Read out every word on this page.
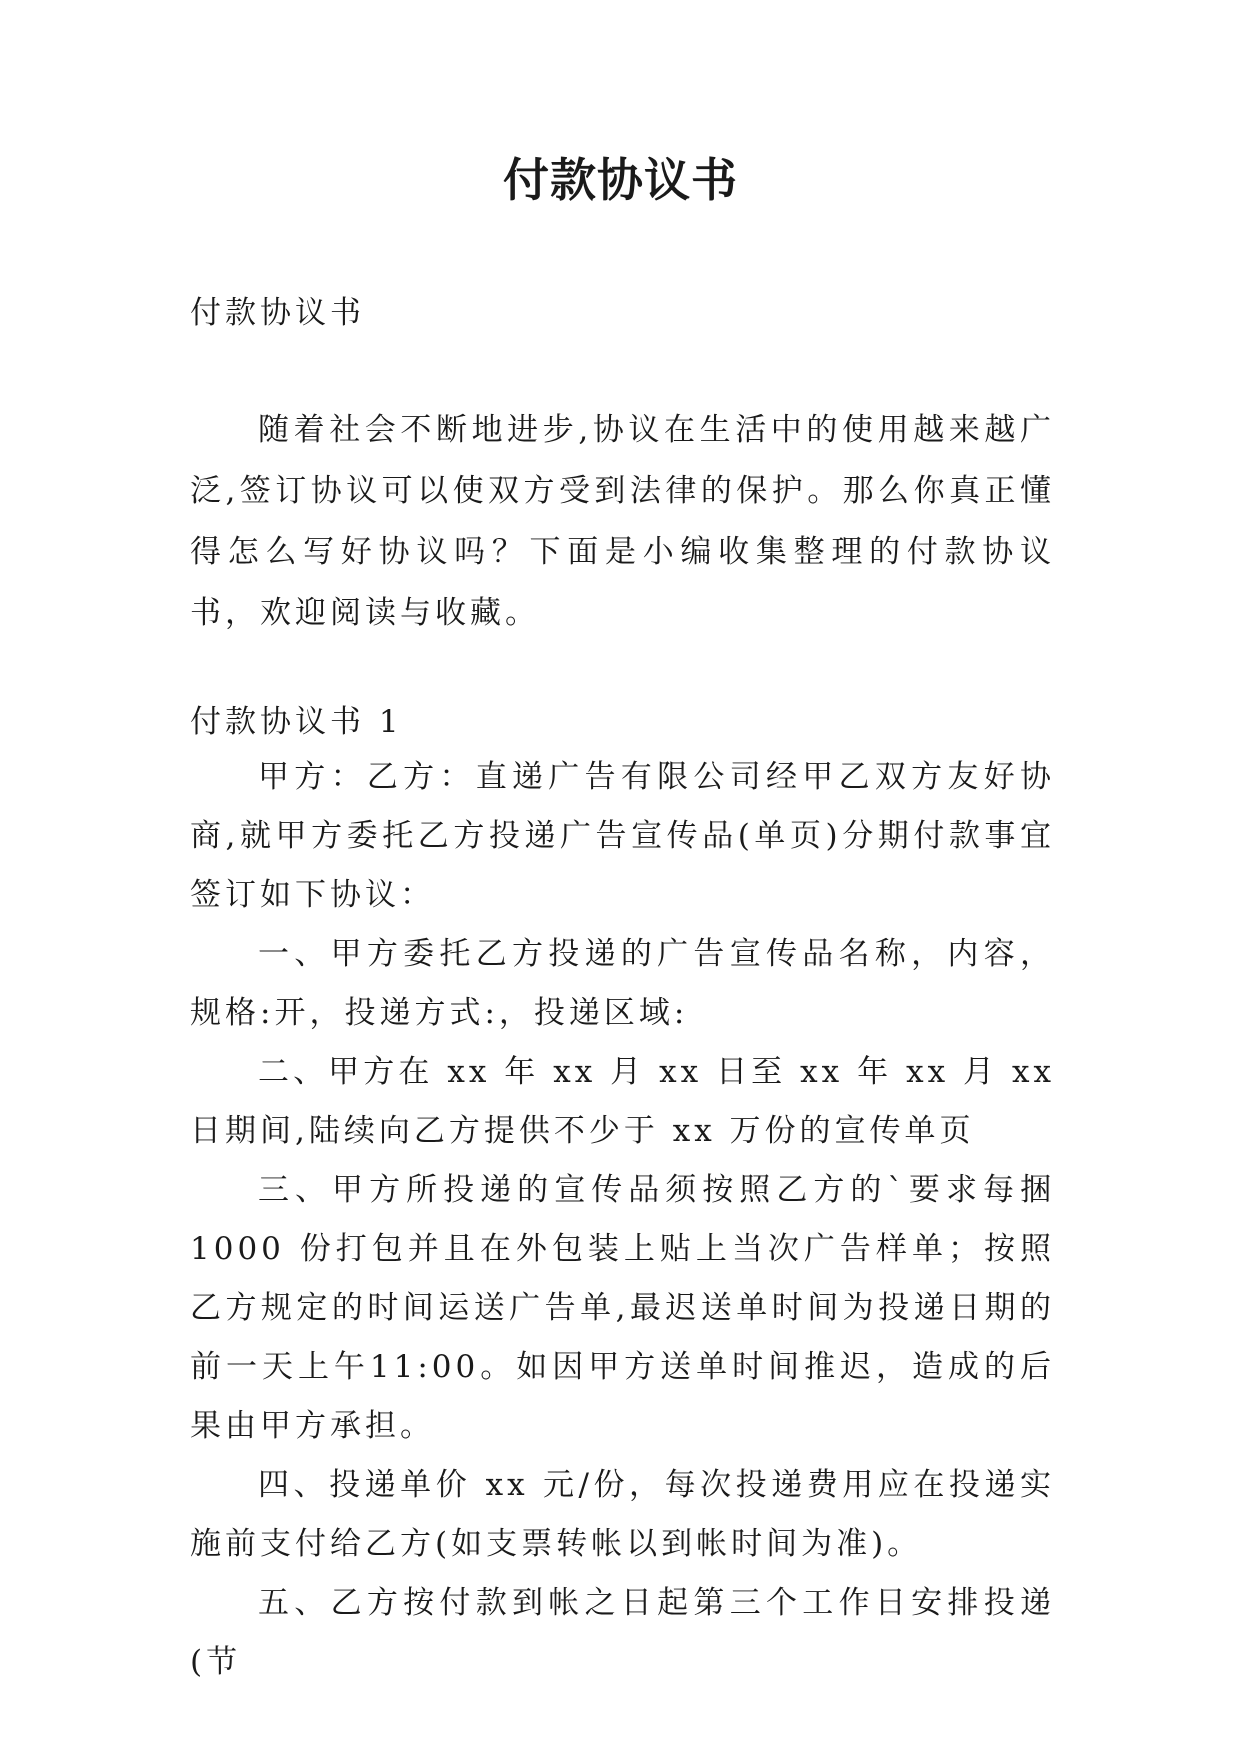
付款协议书

付款协议书

随着社会不断地进步,协议在生活中的使用越来越广泛,签订协议可以使双方受到法律的保护。那么你真正懂得怎么写好协议吗？下面是小编收集整理的付款协议书，欢迎阅读与收藏。

付款协议书 1

甲方：乙方：直递广告有限公司经甲乙双方友好协商,就甲方委托乙方投递广告宣传品(单页)分期付款事宜签订如下协议：

一、甲方委托乙方投递的广告宣传品名称，内容，规格:开，投递方式:，投递区域:

二、甲方在 xx 年 xx 月 xx 日至 xx 年 xx 月 xx 日期间,陆续向乙方提供不少于 xx 万份的宣传单页

三、甲方所投递的宣传品须按照乙方的`要求每捆 1000 份打包并且在外包装上贴上当次广告样单；按照乙方规定的时间运送广告单,最迟送单时间为投递日期的前一天上午11:00。如因甲方送单时间推迟，造成的后果由甲方承担。

四、投递单价 xx 元/份，每次投递费用应在投递实施前支付给乙方(如支票转帐以到帐时间为准)。

五、乙方按付款到帐之日起第三个工作日安排投递(节
